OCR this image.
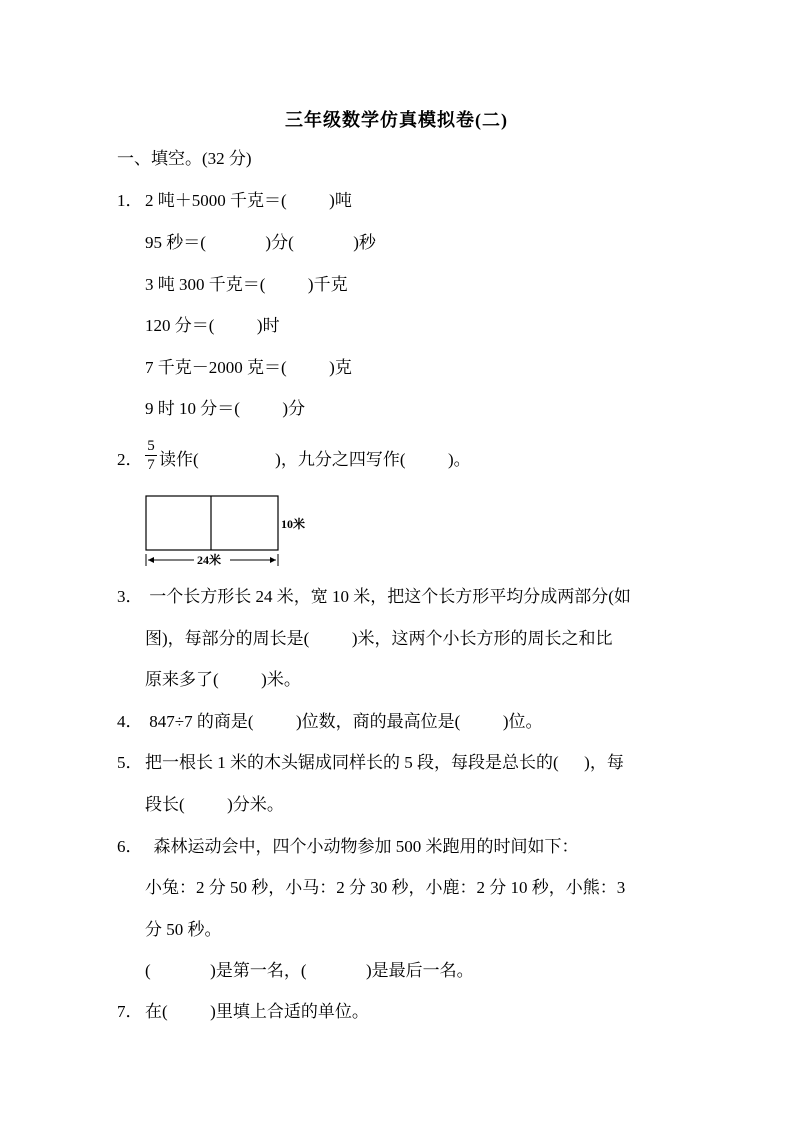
三年级数学仿真模拟卷(二)
一、填空。(32 分)
1． 2 吨＋5000 千克＝(          )吨
95 秒＝(              )分(              )秒
3 吨 300 千克＝(          )千克
120 分＝(          )时
7 千克－2000 克＝(          )克
9 时 10 分＝(          )分
2．
5
7 读作(                  )，九分之四写作(          )。
10米
24米
3． 一个长方形长 24 米，宽 10 米，把这个长方形平均分成两部分(如
图)，每部分的周长是(          )米，这两个小长方形的周长之和比
原来多了(          )米。
4． 847÷7 的商是(          )位数，商的最高位是(          )位。
5． 把一根长 1 米的木头锯成同样长的 5 段，每段是总长的(      )，每
段长(          )分米。
6． 森林运动会中，四个小动物参加 500 米跑用的时间如下：
小兔：2 分 50 秒，小马：2 分 30 秒，小鹿：2 分 10 秒，小熊：3
分 50 秒。
(              )是第一名，(              )是最后一名。
7． 在(          )里填上合适的单位。
